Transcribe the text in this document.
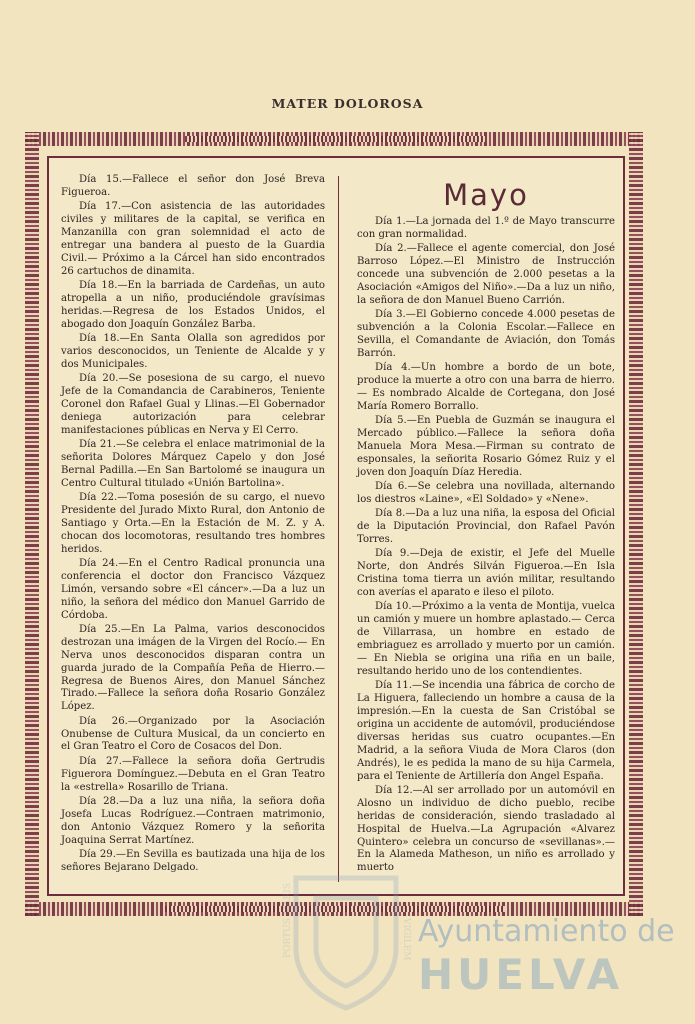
MATER DOLOROSA

Día 15.—Fallece el señor don José Breva Figueroa.

Día 17.—Con asistencia de las autoridades civiles y militares de la capital, se verifica en Manzanilla con gran solemnidad el acto de entregar una bandera al puesto de la Guardia Civil.— Próximo a la Cárcel han sido encontrados 26 cartuchos de dinamita.

Día 18.—En la barriada de Cardeñas, un auto atropella a un niño, produciéndole gravísimas heridas.—Regresa de los Estados Unidos, el abogado don Joaquín González Barba.

Día 18.—En Santa Olalla son agredidos por varios desconocidos, un Teniente de Alcalde y y dos Municipales.

Día 20.—Se posesiona de su cargo, el nuevo Jefe de la Comandancia de Carabineros, Teniente Coronel don Rafael Gual y Llinas.—El Gobernador deniega autorización para celebrar manifestaciones públicas en Nerva y El Cerro.

Día 21.—Se celebra el enlace matrimonial de la señorita Dolores Márquez Capelo y don José Bernal Padilla.—En San Bartolomé se inaugura un Centro Cultural titulado «Unión Bartolina».

Día 22.—Toma posesión de su cargo, el nuevo Presidente del Jurado Mixto Rural, don Antonio de Santiago y Orta.—En la Estación de M. Z. y A. chocan dos locomotoras, resultando tres hombres heridos.

Día 24.—En el Centro Radical pronuncia una conferencia el doctor don Francisco Vázquez Limón, versando sobre «El cáncer».—Da a luz un niño, la señora del médico don Manuel Garrido de Córdoba.

Día 25.—En La Palma, varios desconocidos destrozan una imágen de la Virgen del Rocío.— En Nerva unos desconocidos disparan contra un guarda jurado de la Compañía Peña de Hierro.— Regresa de Buenos Aires, don Manuel Sánchez Tirado.—Fallece la señora doña Rosario González López.

Día 26.—Organizado por la Asociación Onubense de Cultura Musical, da un concierto en el Gran Teatro el Coro de Cosacos del Don.

Día 27.—Fallece la señora doña Gertrudis Figuerora Domínguez.—Debuta en el Gran Teatro la «estrella» Rosarillo de Triana.

Día 28.—Da a luz una niña, la señora doña Josefa Lucas Rodríguez.—Contraen matrimonio, don Antonio Vázquez Romero y la señorita Joaquina Serrat Martínez.

Día 29.—En Sevilla es bautizada una hija de los señores Bejarano Delgado.

Mayo

Día 1.—La jornada del 1.º de Mayo transcurre con gran normalidad.

Día 2.—Fallece el agente comercial, don José Barroso López.—El Ministro de Instrucción concede una subvención de 2.000 pesetas a la Asociación «Amigos del Niño».—Da a luz un niño, la señora de don Manuel Bueno Carrión.

Día 3.—El Gobierno concede 4.000 pesetas de subvención a la Colonia Escolar.—Fallece en Sevilla, el Comandante de Aviación, don Tomás Barrón.

Día 4.—Un hombre a bordo de un bote, produce la muerte a otro con una barra de hierro.— Es nombrado Alcalde de Cortegana, don José María Romero Borrallo.

Día 5.—En Puebla de Guzmán se inaugura el Mercado público.—Fallece la señora doña Manuela Mora Mesa.—Firman su contrato de esponsales, la señorita Rosario Gómez Ruiz y el joven don Joaquín Díaz Heredia.

Día 6.—Se celebra una novillada, alternando los diestros «Laine», «El Soldado» y «Nene».

Día 8.—Da a luz una niña, la esposa del Oficial de la Diputación Provincial, don Rafael Pavón Torres.

Día 9.—Deja de existir, el Jefe del Muelle Norte, don Andrés Silván Figueroa.—En Isla Cristina toma tierra un avión militar, resultando con averías el aparato e ileso el piloto.

Día 10.—Próximo a la venta de Montija, vuelca un camión y muere un hombre aplastado.— Cerca de Villarrasa, un hombre en estado de embriaguez es arrollado y muerto por un camión.— En Niebla se origina una riña en un baile, resultando herido uno de los contendientes.

Día 11.—Se incendia una fábrica de corcho de La Higuera, falleciendo un hombre a causa de la impresión.—En la cuesta de San Cristóbal se origina un accidente de automóvil, produciéndose diversas heridas sus cuatro ocupantes.—En Madrid, a la señora Viuda de Mora Claros (don Andrés), le es pedida la mano de su hija Carmela, para el Teniente de Artillería don Angel España.

Día 12.—Al ser arrollado por un automóvil en Alosno un individuo de dicho pueblo, recibe heridas de consideración, siendo trasladado al Hospital de Huelva.—La Agrupación «Alvarez Quintero» celebra un concurso de «sevillanas».—En la Alameda Matheson, un niño es arrollado y muerto

PORTUS MARIS	VIGILEM Ayuntamiento de
HUELVA
